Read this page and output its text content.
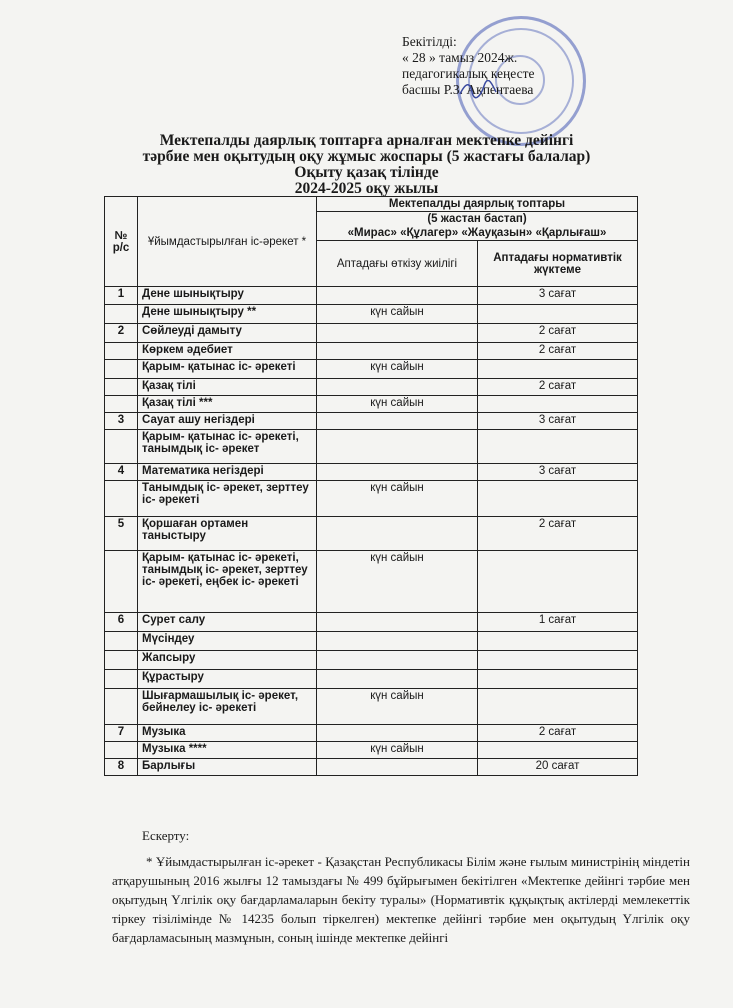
Бекітілді:
« 28 » тамыз 2024ж.
педагогикалық кеңесте
басшы Р.З. Ақпентаева
Мектепалды даярлық топтарға арналған мектепке дейінгі
тәрбие мен оқытудың оқу жұмыс жоспары (5 жастағы балалар)
Оқыту қазақ тілінде
2024-2025 оқу жылы
№ р/с	Ұйымдастырылған іс-әрекет *	Мектепалды даярлық топтары	
		(5 жастан бастап)	
		«Мирас» «Құлагер» «Жауқазын» «Қарлығаш»	
		Аптадағы өткізу жиілігі	Аптадағы нормативтік жүктеме
1	Дене шынықтыру		3 сағат
	Дене шынықтыру **	күн сайын	
2	Сөйлеуді дамыту		2 сағат
	Көркем әдебиет		2 сағат
	Қарым- қатынас іс- әрекеті	күн сайын	
	Қазақ тілі		2 сағат
	Қазақ тілі ***	күн сайын	
3	Сауат ашу негіздері		3 сағат
	Қарым- қатынас іс- әрекеті, танымдық іс- әрекет		
4	Математика негіздері		3 сағат
	Танымдық іс- әрекет, зерттеу іс- әрекеті	күн сайын	
5	Қоршаған ортамен таныстыру		2 сағат
	Қарым- қатынас іс- әрекеті, танымдық іс- әрекет, зерттеу іс- әрекеті, еңбек іс- әрекеті	күн сайын	
6	Сурет салу		1 сағат
	Мүсіндеу		
	Жапсыру		
	Құрастыру		
	Шығармашылық іс- әрекет, бейнелеу іс- әрекеті	күн сайын	
7	Музыка		2 сағат
	Музыка ****	күн сайын	
8	Барлығы		20 сағат
Ескерту:
* Ұйымдастырылған іс-әрекет - Қазақстан Республикасы Білім және ғылым министрінің міндетін атқарушының 2016 жылғы 12 тамыздағы № 499 бұйрығымен бекітілген «Мектепке дейінгі тәрбие мен оқытудың Үлгілік оқу бағдарламаларын бекіту туралы» (Нормативтік құқықтық актілерді мемлекеттік тіркеу тізілімінде № 14235 болып тіркелген) мектепке дейінгі тәрбие мен оқытудың Үлгілік оқу бағдарламасының мазмұнын, соның ішінде мектепке дейінгі
